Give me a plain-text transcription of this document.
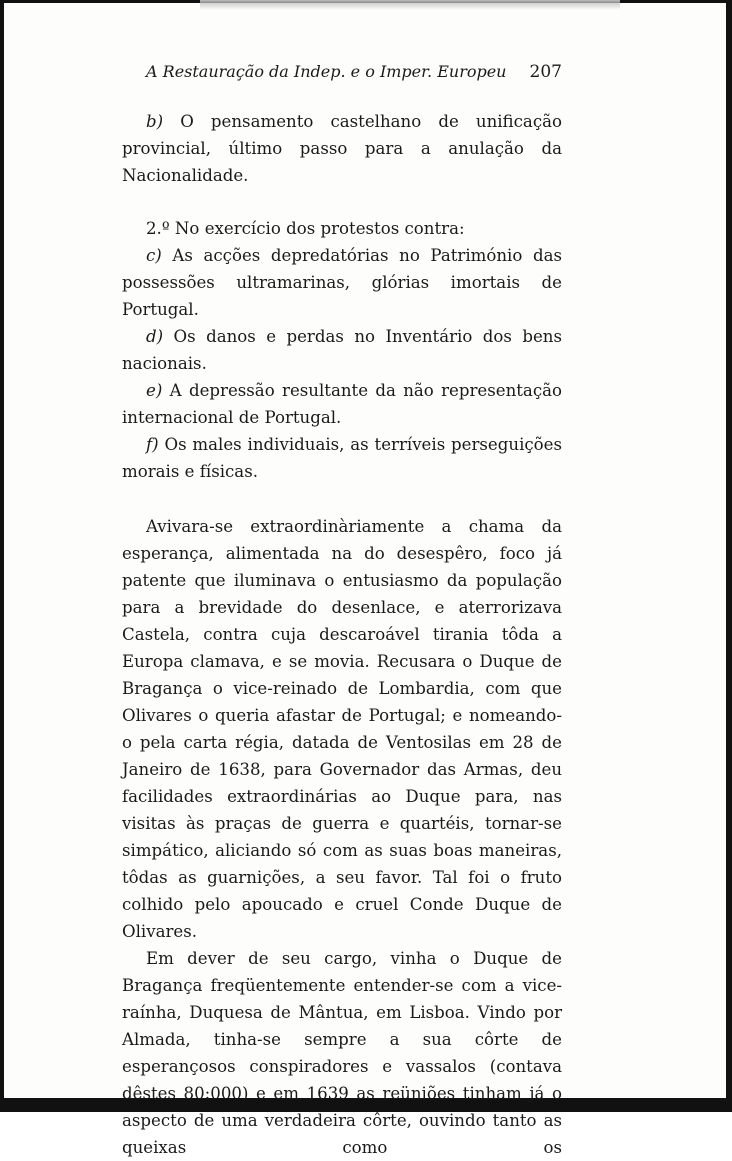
A Restauração da Indep. e o Imper. Europeu 207

b) O pensamento castelhano de unificação provincial, último passo para a anulação da Nacionalidade.

2.º No exercício dos protestos contra:

c) As acções depredatórias no Património das possessões ultramarinas, glórias imortais de Portugal.

d) Os danos e perdas no Inventário dos bens nacionais.

e) A depressão resultante da não representação internacional de Portugal.

f) Os males individuais, as terríveis perseguições morais e físicas.

Avivara-se extraordinàriamente a chama da esperança, alimentada na do desespêro, foco já patente que iluminava o entusiasmo da população para a brevidade do desenlace, e aterrorizava Castela, contra cuja descaroável tirania tôda a Europa clamava, e se movia. Recusara o Duque de Bragança o vice-reinado de Lombardia, com que Olivares o queria afastar de Portugal; e nomeando-o pela carta régia, datada de Ventosilas em 28 de Janeiro de 1638, para Governador das Armas, deu facilidades extraordinárias ao Duque para, nas visitas às praças de guerra e quartéis, tornar-se simpático, aliciando só com as suas boas maneiras, tôdas as guarnições, a seu favor. Tal foi o fruto colhido pelo apoucado e cruel Conde Duque de Olivares.

Em dever de seu cargo, vinha o Duque de Bragança freqüentemente entender-se com a vice-raínha, Duquesa de Mântua, em Lisboa. Vindo por Almada, tinha-se sempre a sua côrte de esperançosos conspiradores e vassalos (contava dêstes 80:000) e em 1639 as reüniões tinham já o aspecto de uma verdadeira côrte, ouvindo tanto as queixas como os
